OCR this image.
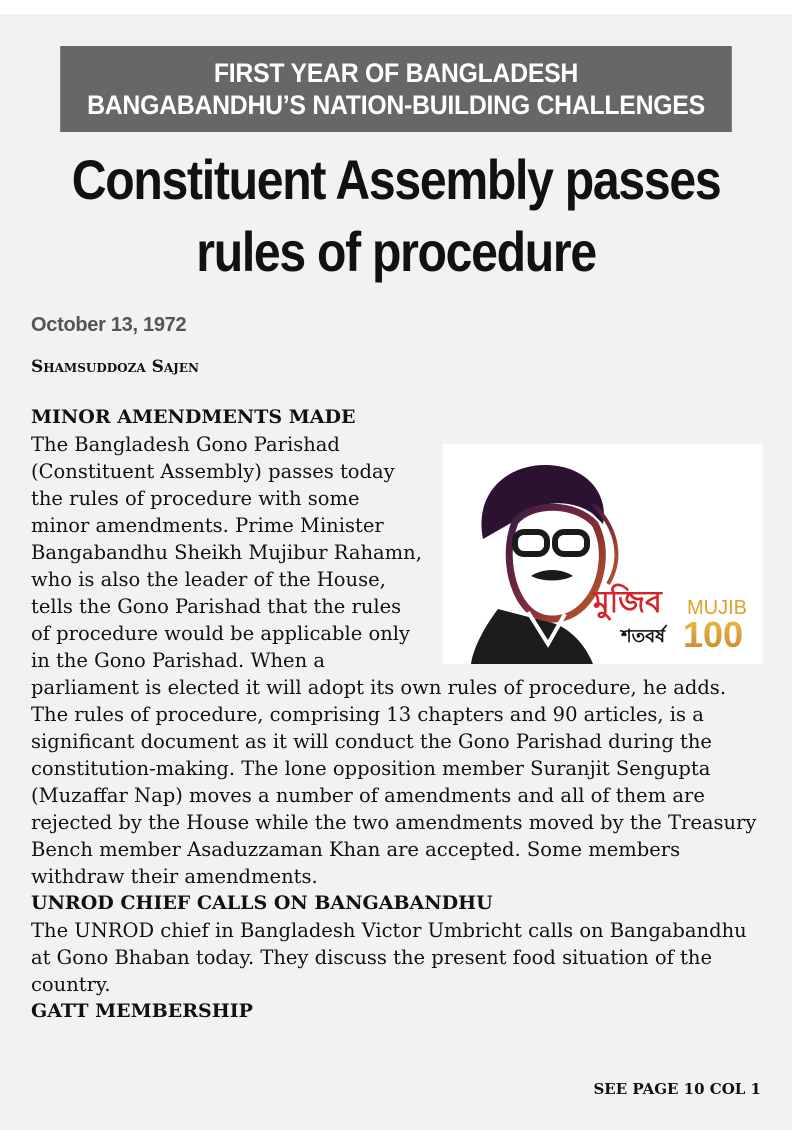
FIRST YEAR OF BANGLADESH
BANGABANDHU’S NATION-BUILDING CHALLENGES
Constituent Assembly passes
rules of procedure
October 13, 1972
Shamsuddoza Sajen
MINOR AMENDMENTS MADE
মুজিব
শতবর্ষ
MUJIB
100

The Bangladesh Gono Parishad (Constituent Assembly) passes today the rules of procedure with some minor amendments. Prime Minister Bangabandhu Sheikh Mujibur Rahamn, who is also the leader of the House, tells the Gono Parishad that the rules of procedure would be applicable only in the Gono Parishad. When a parliament is elected it will adopt its own rules of procedure, he adds. The rules of procedure, comprising 13 chapters and 90 articles, is a significant document as it will conduct the Gono Parishad during the constitution-making. The lone opposition member Suranjit Sengupta (Muzaffar Nap) moves a number of amendments and all of them are rejected by the House while the two amendments moved by the Treasury Bench member Asaduzzaman Khan are accepted. Some members withdraw their amendments.

UNROD CHIEF CALLS ON BANGABANDHU

The UNROD chief in Bangladesh Victor Umbricht calls on Bangabandhu at Gono Bhaban today. They discuss the present food situation of the country.

GATT MEMBERSHIP
SEE PAGE 10 COL 1
